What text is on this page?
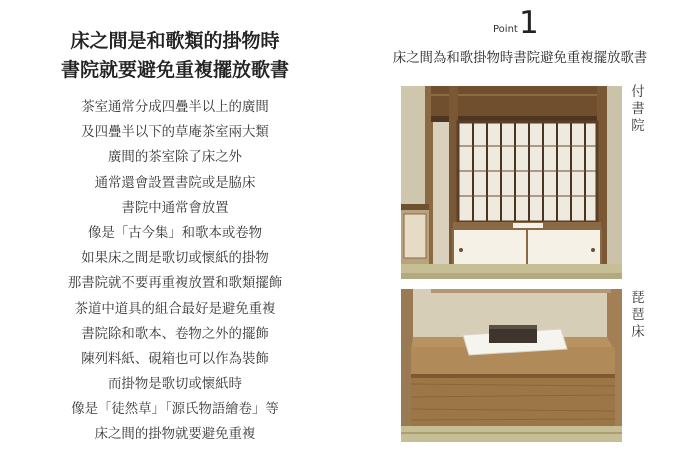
床之間是和歌類的掛物時
書院就要避免重複擺放歌書
茶室通常分成四疊半以上的廣間
及四疊半以下的草庵茶室兩大類
廣間的茶室除了床之外
通常還會設置書院或是脇床
書院中通常會放置
像是「古今集」和歌本或卷物
如果床之間是歌切或懷紙的掛物
那書院就不要再重複放置和歌類擺飾
茶道中道具的組合最好是避免重複
書院除和歌本、卷物之外的擺飾
陳列料紙、硯箱也可以作為裝飾
而掛物是歌切或懷紙時
像是「徒然草」「源氏物語繪卷」等
床之間的掛物就要避免重複
Point 1
床之間為和歌掛物時書院避免重複擺放歌書
付
書
院
琵
琶
床
